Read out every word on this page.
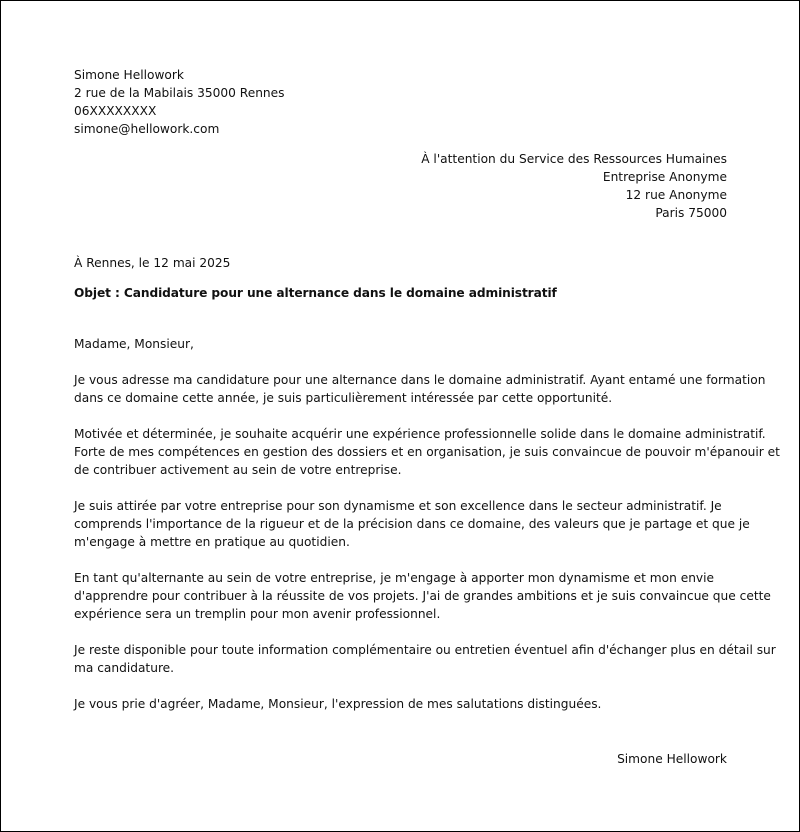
Simone Hellowork
2 rue de la Mabilais 35000 Rennes
06XXXXXXXX
simone@hellowork.com
À l'attention du Service des Ressources Humaines
Entreprise Anonyme
12 rue Anonyme
Paris 75000
À Rennes, le 12 mai 2025
Objet : Candidature pour une alternance dans le domaine administratif

Madame, Monsieur,

Je vous adresse ma candidature pour une alternance dans le domaine administratif. Ayant entamé une formation
dans ce domaine cette année, je suis particulièrement intéressée par cette opportunité.

Motivée et déterminée, je souhaite acquérir une expérience professionnelle solide dans le domaine administratif.
Forte de mes compétences en gestion des dossiers et en organisation, je suis convaincue de pouvoir m'épanouir et
de contribuer activement au sein de votre entreprise.

Je suis attirée par votre entreprise pour son dynamisme et son excellence dans le secteur administratif. Je
comprends l'importance de la rigueur et de la précision dans ce domaine, des valeurs que je partage et que je
m'engage à mettre en pratique au quotidien.

En tant qu'alternante au sein de votre entreprise, je m'engage à apporter mon dynamisme et mon envie
d'apprendre pour contribuer à la réussite de vos projets. J'ai de grandes ambitions et je suis convaincue que cette
expérience sera un tremplin pour mon avenir professionnel.

Je reste disponible pour toute information complémentaire ou entretien éventuel afin d'échanger plus en détail sur
ma candidature.

Je vous prie d'agréer, Madame, Monsieur, l'expression de mes salutations distinguées.

Simone Hellowork
